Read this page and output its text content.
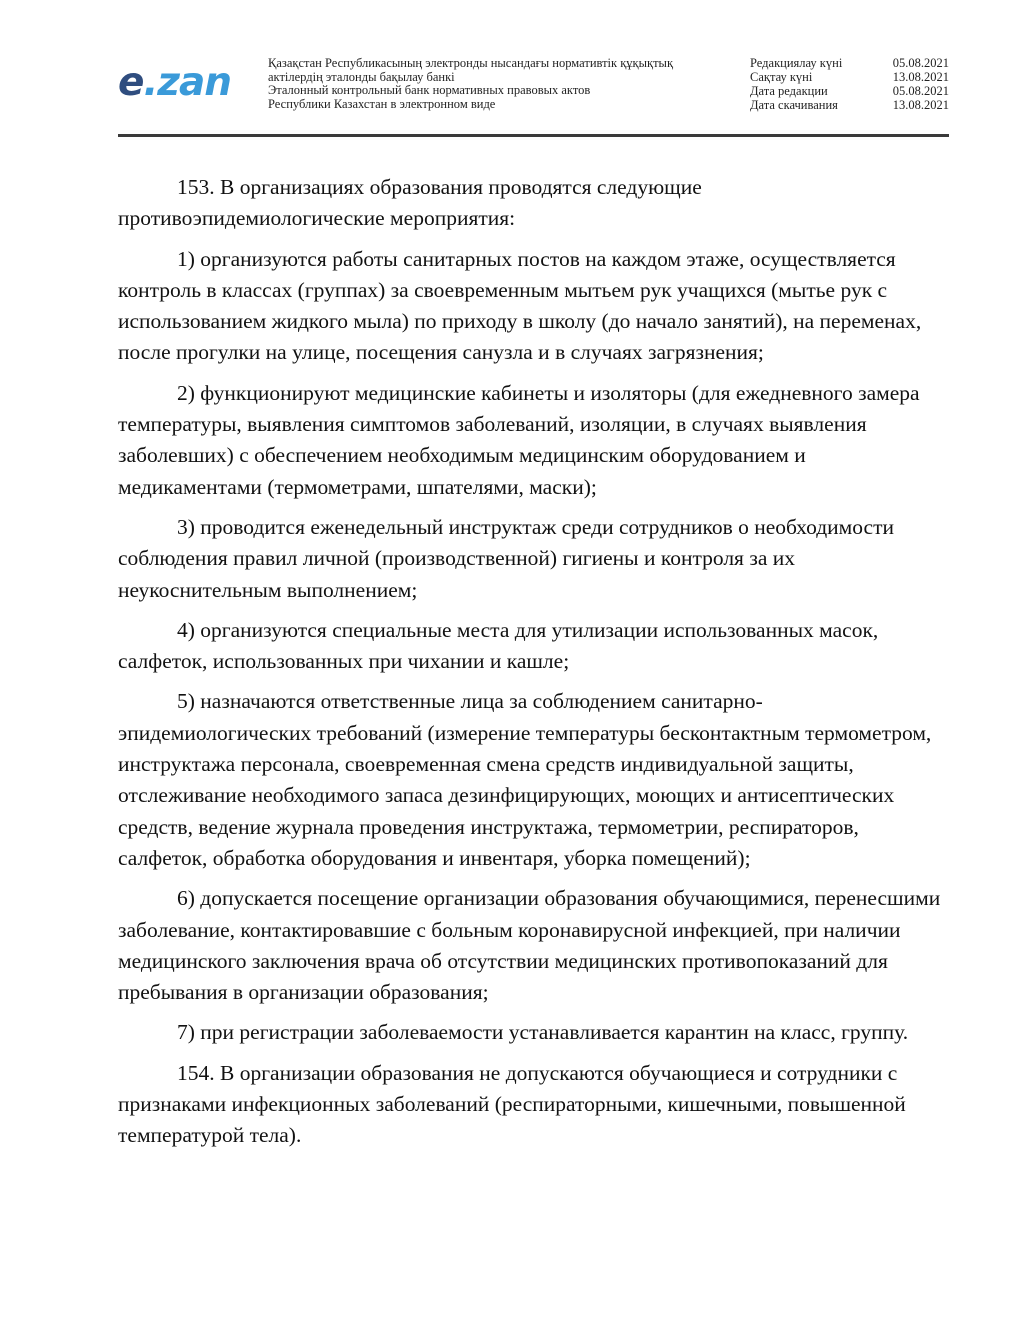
e.zan	Қазақстан Республикасының электронды нысандағы нормативтік құқықтық
актілердің эталонды бақылау банкі
Эталонный контрольный банк нормативных правовых актов
Республики Казахстан в электронном виде
Редакциялау күні	05.08.2021
Сақтау күні	13.08.2021
Дата редакции	05.08.2021
Дата скачивания	13.08.2021

153. В организациях образования проводятся следующие противоэпидемиологические мероприятия:

1) организуются работы санитарных постов на каждом этаже, осуществляется контроль в классах (группах) за своевременным мытьем рук учащихся (мытье рук с использованием жидкого мыла) по приходу в школу (до начало занятий), на переменах, после прогулки на улице, посещения санузла и в случаях загрязнения;

2) функционируют медицинские кабинеты и изоляторы (для ежедневного замера температуры, выявления симптомов заболеваний, изоляции, в случаях выявления заболевших) с обеспечением необходимым медицинским оборудованием и медикаментами (термометрами, шпателями, маски);

3) проводится еженедельный инструктаж среди сотрудников о необходимости соблюдения правил личной (производственной) гигиены и контроля за их неукоснительным выполнением;

4) организуются специальные места для утилизации использованных масок, салфеток, использованных при чихании и кашле;

5) назначаются ответственные лица за соблюдением санитарно-эпидемиологических требований (измерение температуры бесконтактным термометром, инструктажа персонала, своевременная смена средств индивидуальной защиты, отслеживание необходимого запаса дезинфицирующих, моющих и антисептических средств, ведение журнала проведения инструктажа, термометрии, респираторов, салфеток, обработка оборудования и инвентаря, уборка помещений);

6) допускается посещение организации образования обучающимися, перенесшими заболевание, контактировавшие с больным коронавирусной инфекцией, при наличии медицинского заключения врача об отсутствии медицинских противопоказаний для пребывания в организации образования;

7) при регистрации заболеваемости устанавливается карантин на класс, группу.

154. В организации образования не допускаются обучающиеся и сотрудники с признаками инфекционных заболеваний (респираторными, кишечными, повышенной температурой тела).
